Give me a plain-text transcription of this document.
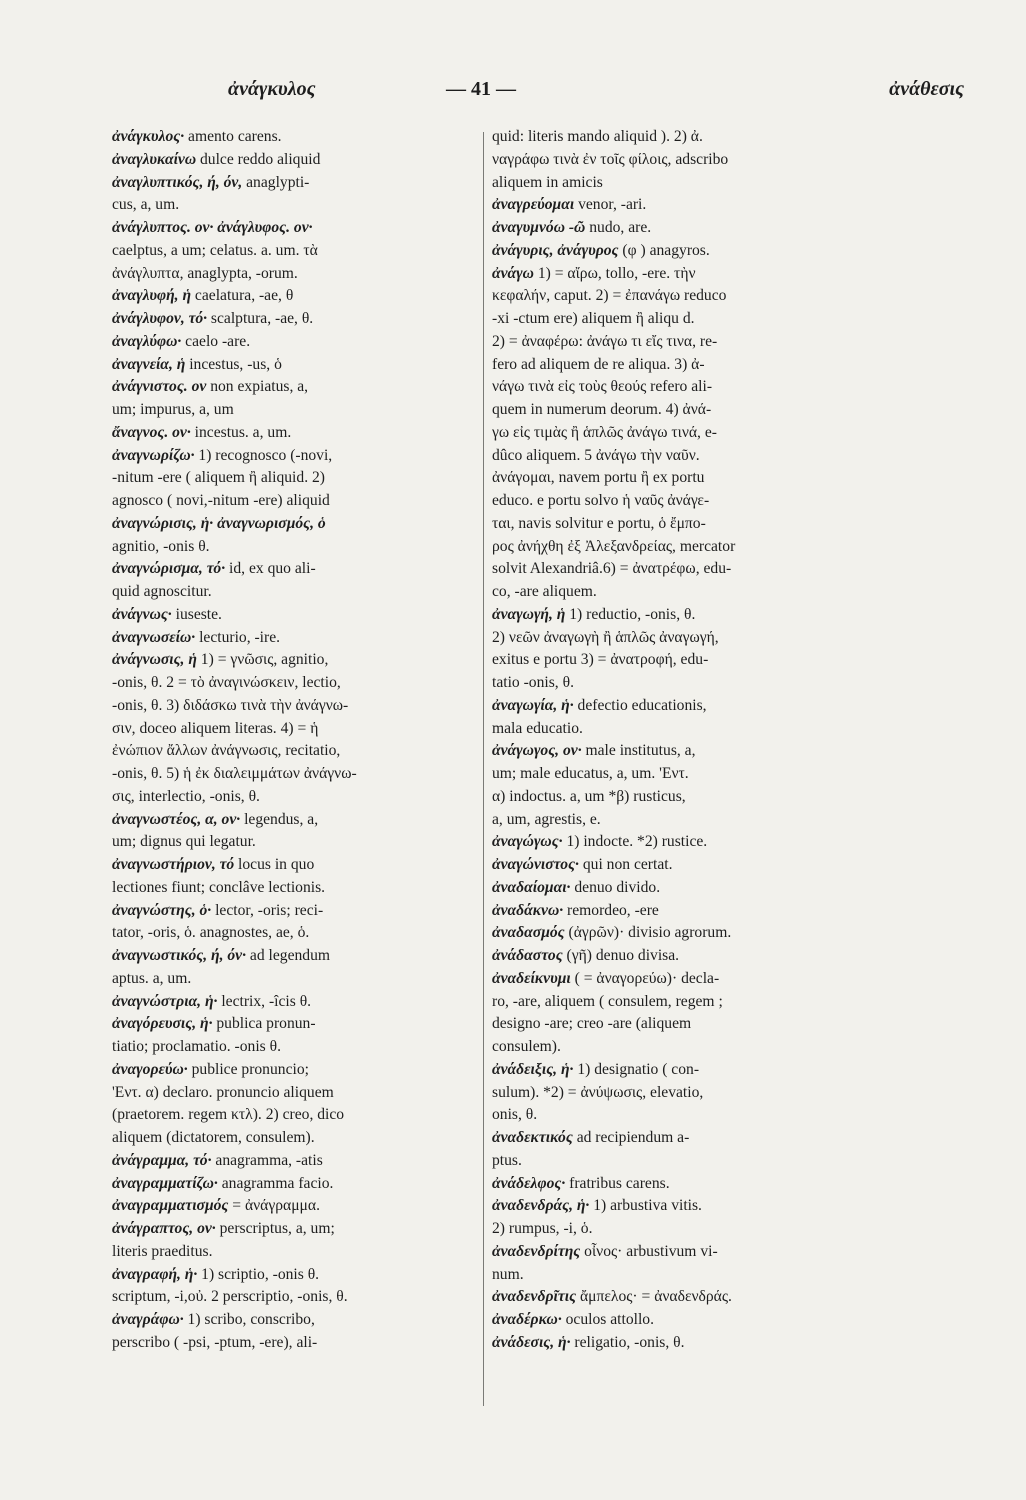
ἀνάγκυλος	— 41 —	ἀνάθεσις
ἀνάγκυλος· amento carens.
ἀναγλυκαίνω dulce reddo aliquid
ἀναγλυπτικός, ή, όν, anaglypti-
cus, a, um.
ἀνάγλυπτος. ον· ἀνάγλυφος. ον·
caelptus, a um; celatus. a. um. τὰ
ἀνάγλυπτα, anaglypta, -orum.
ἀναγλυφή, ἡ caelatura, -ae, θ
ἀνάγλυφον, τό· scalptura, -ae, θ.
ἀναγλύφω· caelo -are.
ἀναγνεία, ἡ incestus, -us, ὁ
ἀνάγνιστος. ον non expiatus, a,
um; impurus, a, um
ἄναγνος. ον· incestus. a, um.
ἀναγνωρίζω· 1) recognosco (-novi,
-nitum -ere ( aliquem ἢ aliquid. 2)
agnosco ( novi,-nitum -ere) aliquid
ἀναγνώρισις, ἡ· ἀναγνωρισμός, ὁ
agnitio, -onis θ.
ἀναγνώρισμα, τό· id, ex quo ali-
quid agnoscitur.
ἀνάγνως· iuseste.
ἀναγνωσείω· lecturio, -ire.
ἀνάγνωσις, ἡ 1) = γνῶσις, agnitio,
-onis, θ. 2 = τὸ ἀναγινώσκειν, lectio,
-onis, θ. 3) διδάσκω τινὰ τὴν ἀνάγνω-
σιν, doceo aliquem literas. 4) = ἡ
ἐνώπιον ἄλλων ἀνάγνωσις, recitatio,
-onis, θ. 5) ἡ ἐκ διαλειμμάτων ἀνάγνω-
σις, interlectio, -onis, θ.
ἀναγνωστέος, α, ον· legendus, a,
um; dignus qui legatur.
ἀναγνωστήριον, τό locus in quo
lectiones fiunt; conclâve lectionis.
ἀναγνώστης, ὁ· lector, -oris; reci-
tator, -oris, ὁ. anagnostes, ae, ὁ.
ἀναγνωστικός, ή, όν· ad legendum
aptus. a, um.
ἀναγνώστρια, ἡ· lectrix, -îcis θ.
ἀναγόρευσις, ἡ· publica pronun-
tiatio; proclamatio. -onis θ.
ἀναγορεύω· publice pronuncio;
'Εντ. α) declaro. pronuncio aliquem
(praetorem. regem κτλ). 2) creo, dico
aliquem (dictatorem, consulem).
ἀνάγραμμα, τό· anagramma, -atis
ἀναγραμματίζω· anagramma facio.
ἀναγραμματισμός = ἀνάγραμμα.
ἀνάγραπτος, ον· perscriptus, a, um;
literis praeditus.
ἀναγραφή, ἡ· 1) scriptio, -onis θ.
scriptum, -i,οὐ. 2 perscriptio, -onis, θ.
ἀναγράφω· 1) scribo, conscribo,
perscribo ( -psi, -ptum, -ere), ali-
quid: literis mando aliquid ). 2) ἀ.
ναγράφω τινὰ ἐν τοῖς φίλοις, adscribo
aliquem in amicis
ἀναγρεύομαι venor, -ari.
ἀναγυμνόω -ῶ nudo, are.
ἀνάγυρις, ἀνάγυρος (φ ) anagyros.
ἀνάγω 1) = αἴρω, tollo, -ere. τὴν
κεφαλήν, caput. 2) = ἐπανάγω reduco
-xi -ctum ere) aliquem ἢ aliqu d.
2) = ἀναφέρω: ἀνάγω τι εἴς τινα, re-
fero ad aliquem de re aliqua. 3) ἀ-
νάγω τινὰ εἰς τοὺς θεούς refero ali-
quem in numerum deorum. 4) ἀνά-
γω εἰς τιμὰς ἢ ἁπλῶς ἀνάγω τινά, e-
dûco aliquem. 5 ἀνάγω τὴν ναῦν.
ἀνάγομαι, navem portu ἢ ex portu
educo. e portu solvo ἡ ναῦς ἀνάγε-
ται, navis solvitur e portu, ὁ ἔμπο-
ρος ἀνήχθη ἐξ Ἀλεξανδρείας, mercator
solvit Alexandriâ.6) = ἀνατρέφω, edu-
co, -are aliquem.
ἀναγωγή, ἡ 1) reductio, -onis, θ.
2) νεῶν ἀναγωγὴ ἢ ἁπλῶς ἀναγωγή,
exitus e portu 3) = ἀνατροφή, edu-
tatio -onis, θ.
ἀναγωγία, ἡ· defectio educationis,
mala educatio.
ἀνάγωγος, ον· male institutus, a,
um; male educatus, a, um. 'Εντ.
α) indoctus. a, um *β) rusticus,
a, um, agrestis, e.
ἀναγώγως· 1) indocte. *2) rustice.
ἀναγώνιστος· qui non certat.
ἀναδαίομαι· denuo divido.
ἀναδάκνω· remordeo, -ere
ἀναδασμός (ἀγρῶν)· divisio agrorum.
ἀνάδαστος (γῆ) denuo divisa.
ἀναδείκνυμι ( = ἀναγορεύω)· decla-
ro, -are, aliquem ( consulem, regem ;
designo -are; creo -are (aliquem
consulem).
ἀνάδειξις, ἡ· 1) designatio ( con-
sulum). *2) = ἀνύψωσις, elevatio,
onis, θ.
ἀναδεκτικός ad recipiendum a-
ptus.
ἀνάδελφος· fratribus carens.
ἀναδενδράς, ἡ· 1) arbustiva vitis.
2) rumpus, -i, ὁ.
ἀναδενδρίτης οἶνος· arbustivum vi-
num.
ἀναδενδρῖτις ἄμπελος· = ἀναδενδράς.
ἀναδέρκω· oculos attollo.
ἀνάδεσις, ἡ· religatio, -onis, θ.
